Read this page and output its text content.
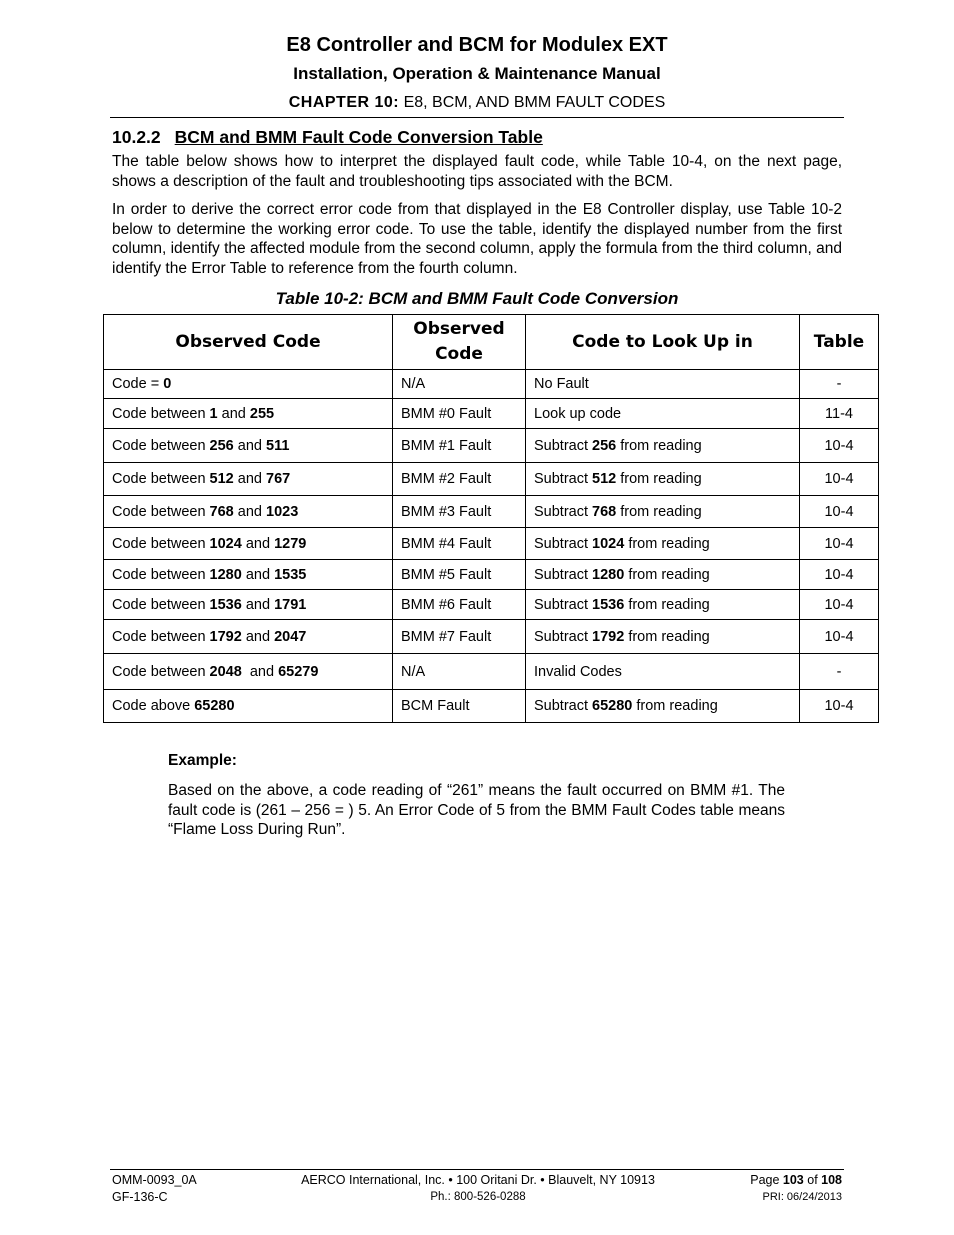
E8 Controller and BCM for Modulex EXT
Installation, Operation & Maintenance Manual
CHAPTER 10: E8, BCM, AND BMM FAULT CODES
10.2.2 BCM and BMM Fault Code Conversion Table
The table below shows how to interpret the displayed fault code, while Table 10-4, on the next page, shows a description of the fault and troubleshooting tips associated with the BCM.
In order to derive the correct error code from that displayed in the E8 Controller display, use Table 10-2 below to determine the working error code. To use the table, identify the displayed number from the first column, identify the affected module from the second column, apply the formula from the third column, and identify the Error Table to reference from the fourth column.
Table 10-2: BCM and BMM Fault Code Conversion
Observed Code	Observed Code	Code to Look Up in	Table
Code = 0	N/A	No Fault	-
Code between 1 and 255	BMM #0 Fault	Look up code	11-4
Code between 256 and 511	BMM #1 Fault	Subtract 256 from reading	10-4
Code between 512 and 767	BMM #2 Fault	Subtract 512 from reading	10-4
Code between 768 and 1023	BMM #3 Fault	Subtract 768 from reading	10-4
Code between 1024 and 1279	BMM #4 Fault	Subtract 1024 from reading	10-4
Code between 1280 and 1535	BMM #5 Fault	Subtract 1280 from reading	10-4
Code between 1536 and 1791	BMM #6 Fault	Subtract 1536 from reading	10-4
Code between 1792 and 2047	BMM #7 Fault	Subtract 1792 from reading	10-4
Code between 2048  and 65279	N/A	Invalid Codes	-
Code above 65280	BCM Fault	Subtract 65280 from reading	10-4
Example:
Based on the above, a code reading of “261” means the fault occurred on BMM #1. The fault code is (261 – 256 = ) 5. An Error Code of 5 from the BMM Fault Codes table means “Flame Loss During Run”.
OMM-0093_0A
GF-136-C
AERCO International, Inc. • 100 Oritani Dr. • Blauvelt, NY 10913
Ph.: 800-526-0288
Page 103 of 108
PRI: 06/24/2013
